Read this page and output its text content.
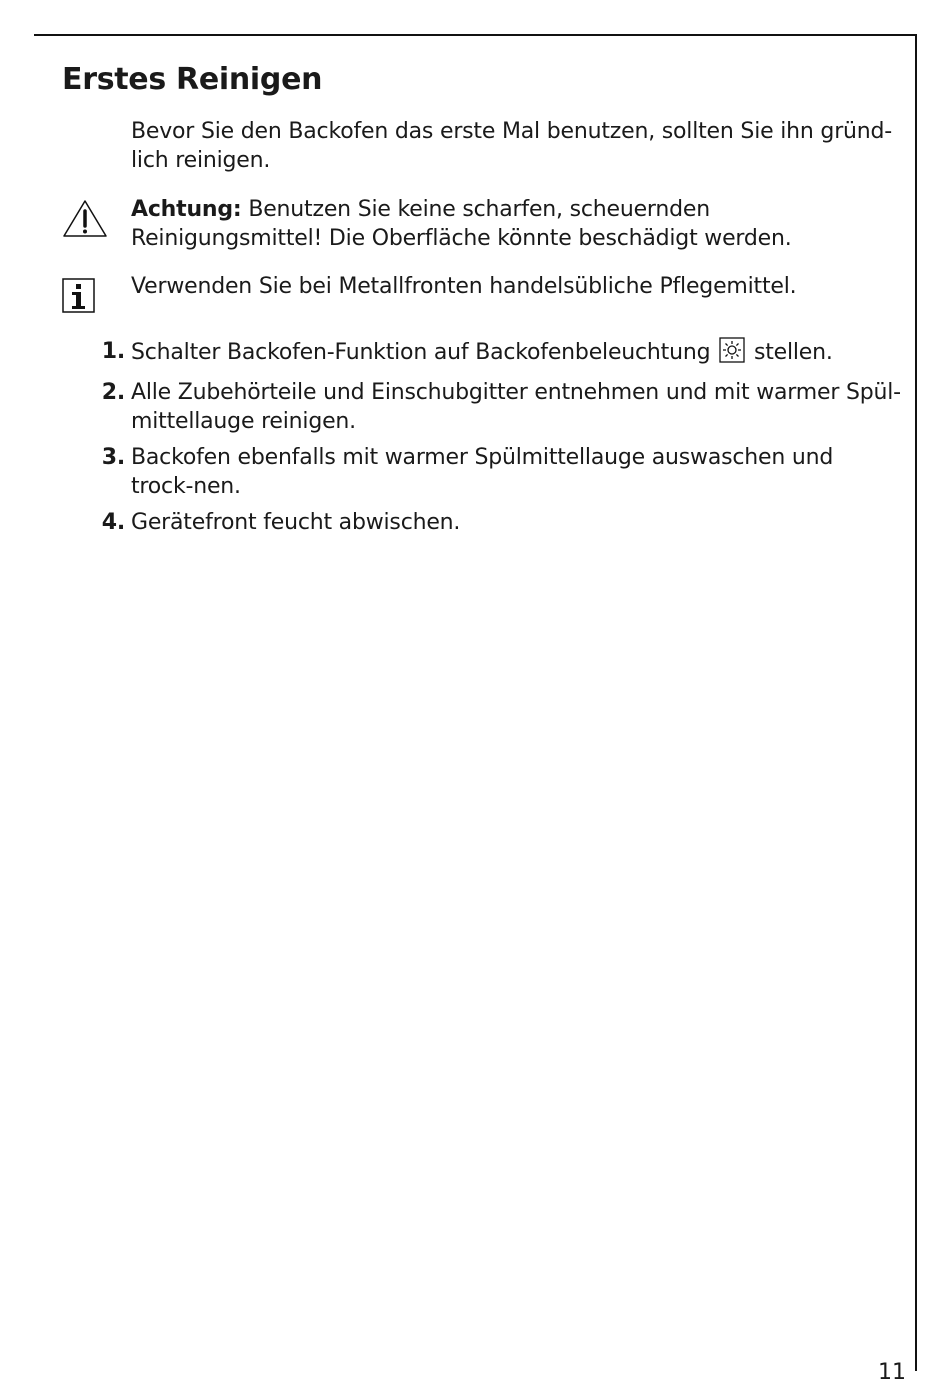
Erstes Reinigen

Bevor Sie den Backofen das erste Mal benutzen, sollten Sie ihn gründ-lich reinigen.

Achtung: Benutzen Sie keine scharfen, scheuernden Reinigungsmittel! Die Oberfläche könnte beschädigt werden.

Verwenden Sie bei Metallfronten handelsübliche Pflegemittel.

1. Schalter Backofen-Funktion auf Backofenbeleuchtung stellen.
2. Alle Zubehörteile und Einschubgitter entnehmen und mit warmer Spül-mittellauge reinigen.
3. Backofen ebenfalls mit warmer Spülmittellauge auswaschen und trock-nen.
4. Gerätefront feucht abwischen.
11
